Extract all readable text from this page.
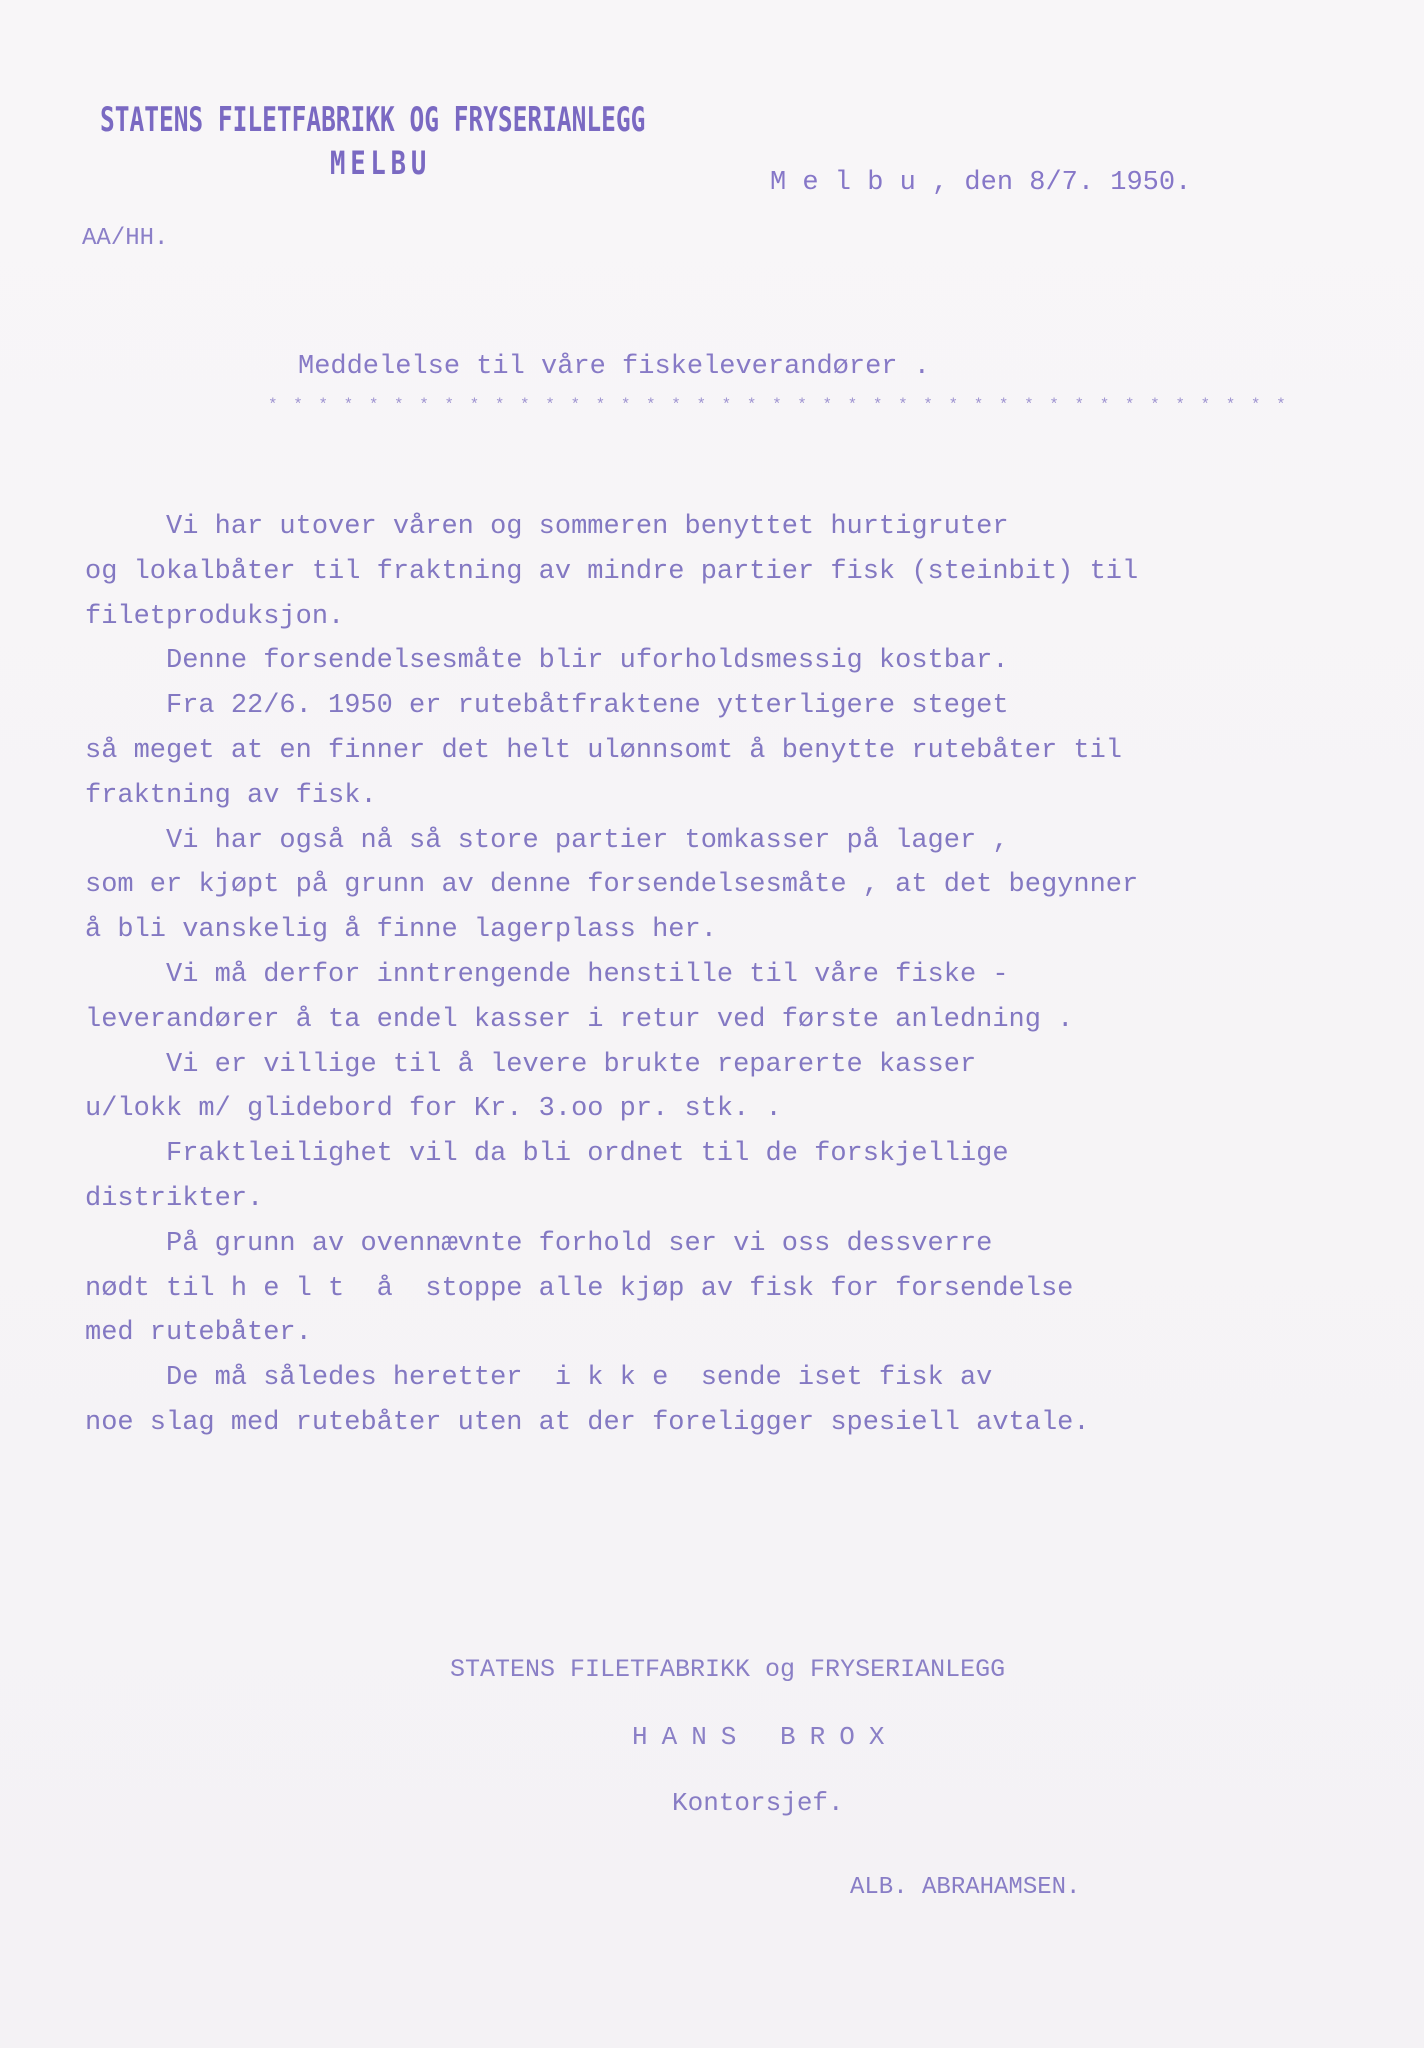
STATENS FILETFABRIKK OG FRYSERIANLEGG
MELBU
M e l b u , den 8/7. 1950.
AA/HH.
Meddelelse til våre fiskeleverandører .
* * * * * * * * * * * * * * * * * * * * * * * * * * * * * * * * * * * * * * * * *
Vi har utover våren og sommeren benyttet hurtigruter
og lokalbåter til fraktning av mindre partier fisk (steinbit) til
filetproduksjon.
Denne forsendelsesmåte blir uforholdsmessig kostbar.
Fra 22/6. 1950 er rutebåtfraktene ytterligere steget
så meget at en finner det helt ulønnsomt å benytte rutebåter til
fraktning av fisk.
Vi har også nå så store partier tomkasser på lager ,
som er kjøpt på grunn av denne forsendelsesmåte , at det begynner
å bli vanskelig å finne lagerplass her.
Vi må derfor inntrengende henstille til våre fiske -
leverandører å ta endel kasser i retur ved første anledning .
Vi er villige til å levere brukte reparerte kasser
u/lokk m/ glidebord for Kr. 3.oo pr. stk. .
Fraktleilighet vil da bli ordnet til de forskjellige
distrikter.
På grunn av ovennævnte forhold ser vi oss dessverre
nødt til h e l t  å  stoppe alle kjøp av fisk for forsendelse
med rutebåter.
De må således heretter  i k k e  sende iset fisk av
noe slag med rutebåter uten at der foreligger spesiell avtale.
STATENS FILETFABRIKK og FRYSERIANLEGG
HANS BROX
Kontorsjef.
ALB. ABRAHAMSEN.
